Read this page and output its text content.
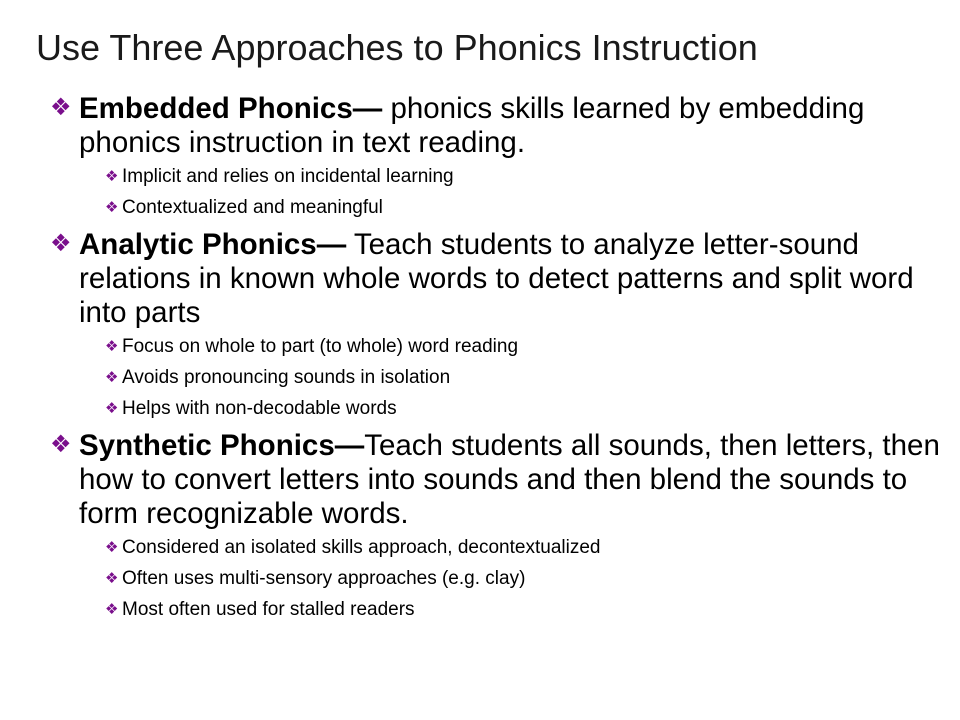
Use Three Approaches to Phonics Instruction
❖ Embedded Phonics— phonics skills learned by embedding phonics instruction in text reading.
❖ Implicit and relies on incidental learning
❖ Contextualized and meaningful
❖ Analytic Phonics— Teach students to analyze letter-sound relations in known whole words to detect patterns and split word into parts
❖ Focus on whole to part (to whole) word reading
❖ Avoids pronouncing sounds in isolation
❖ Helps with non-decodable words
❖ Synthetic Phonics—Teach students all sounds, then letters, then how to convert letters into sounds and then blend the sounds to form recognizable words.
❖ Considered an isolated skills approach, decontextualized
❖ Often uses multi-sensory approaches (e.g. clay)
❖ Most often used for stalled readers
